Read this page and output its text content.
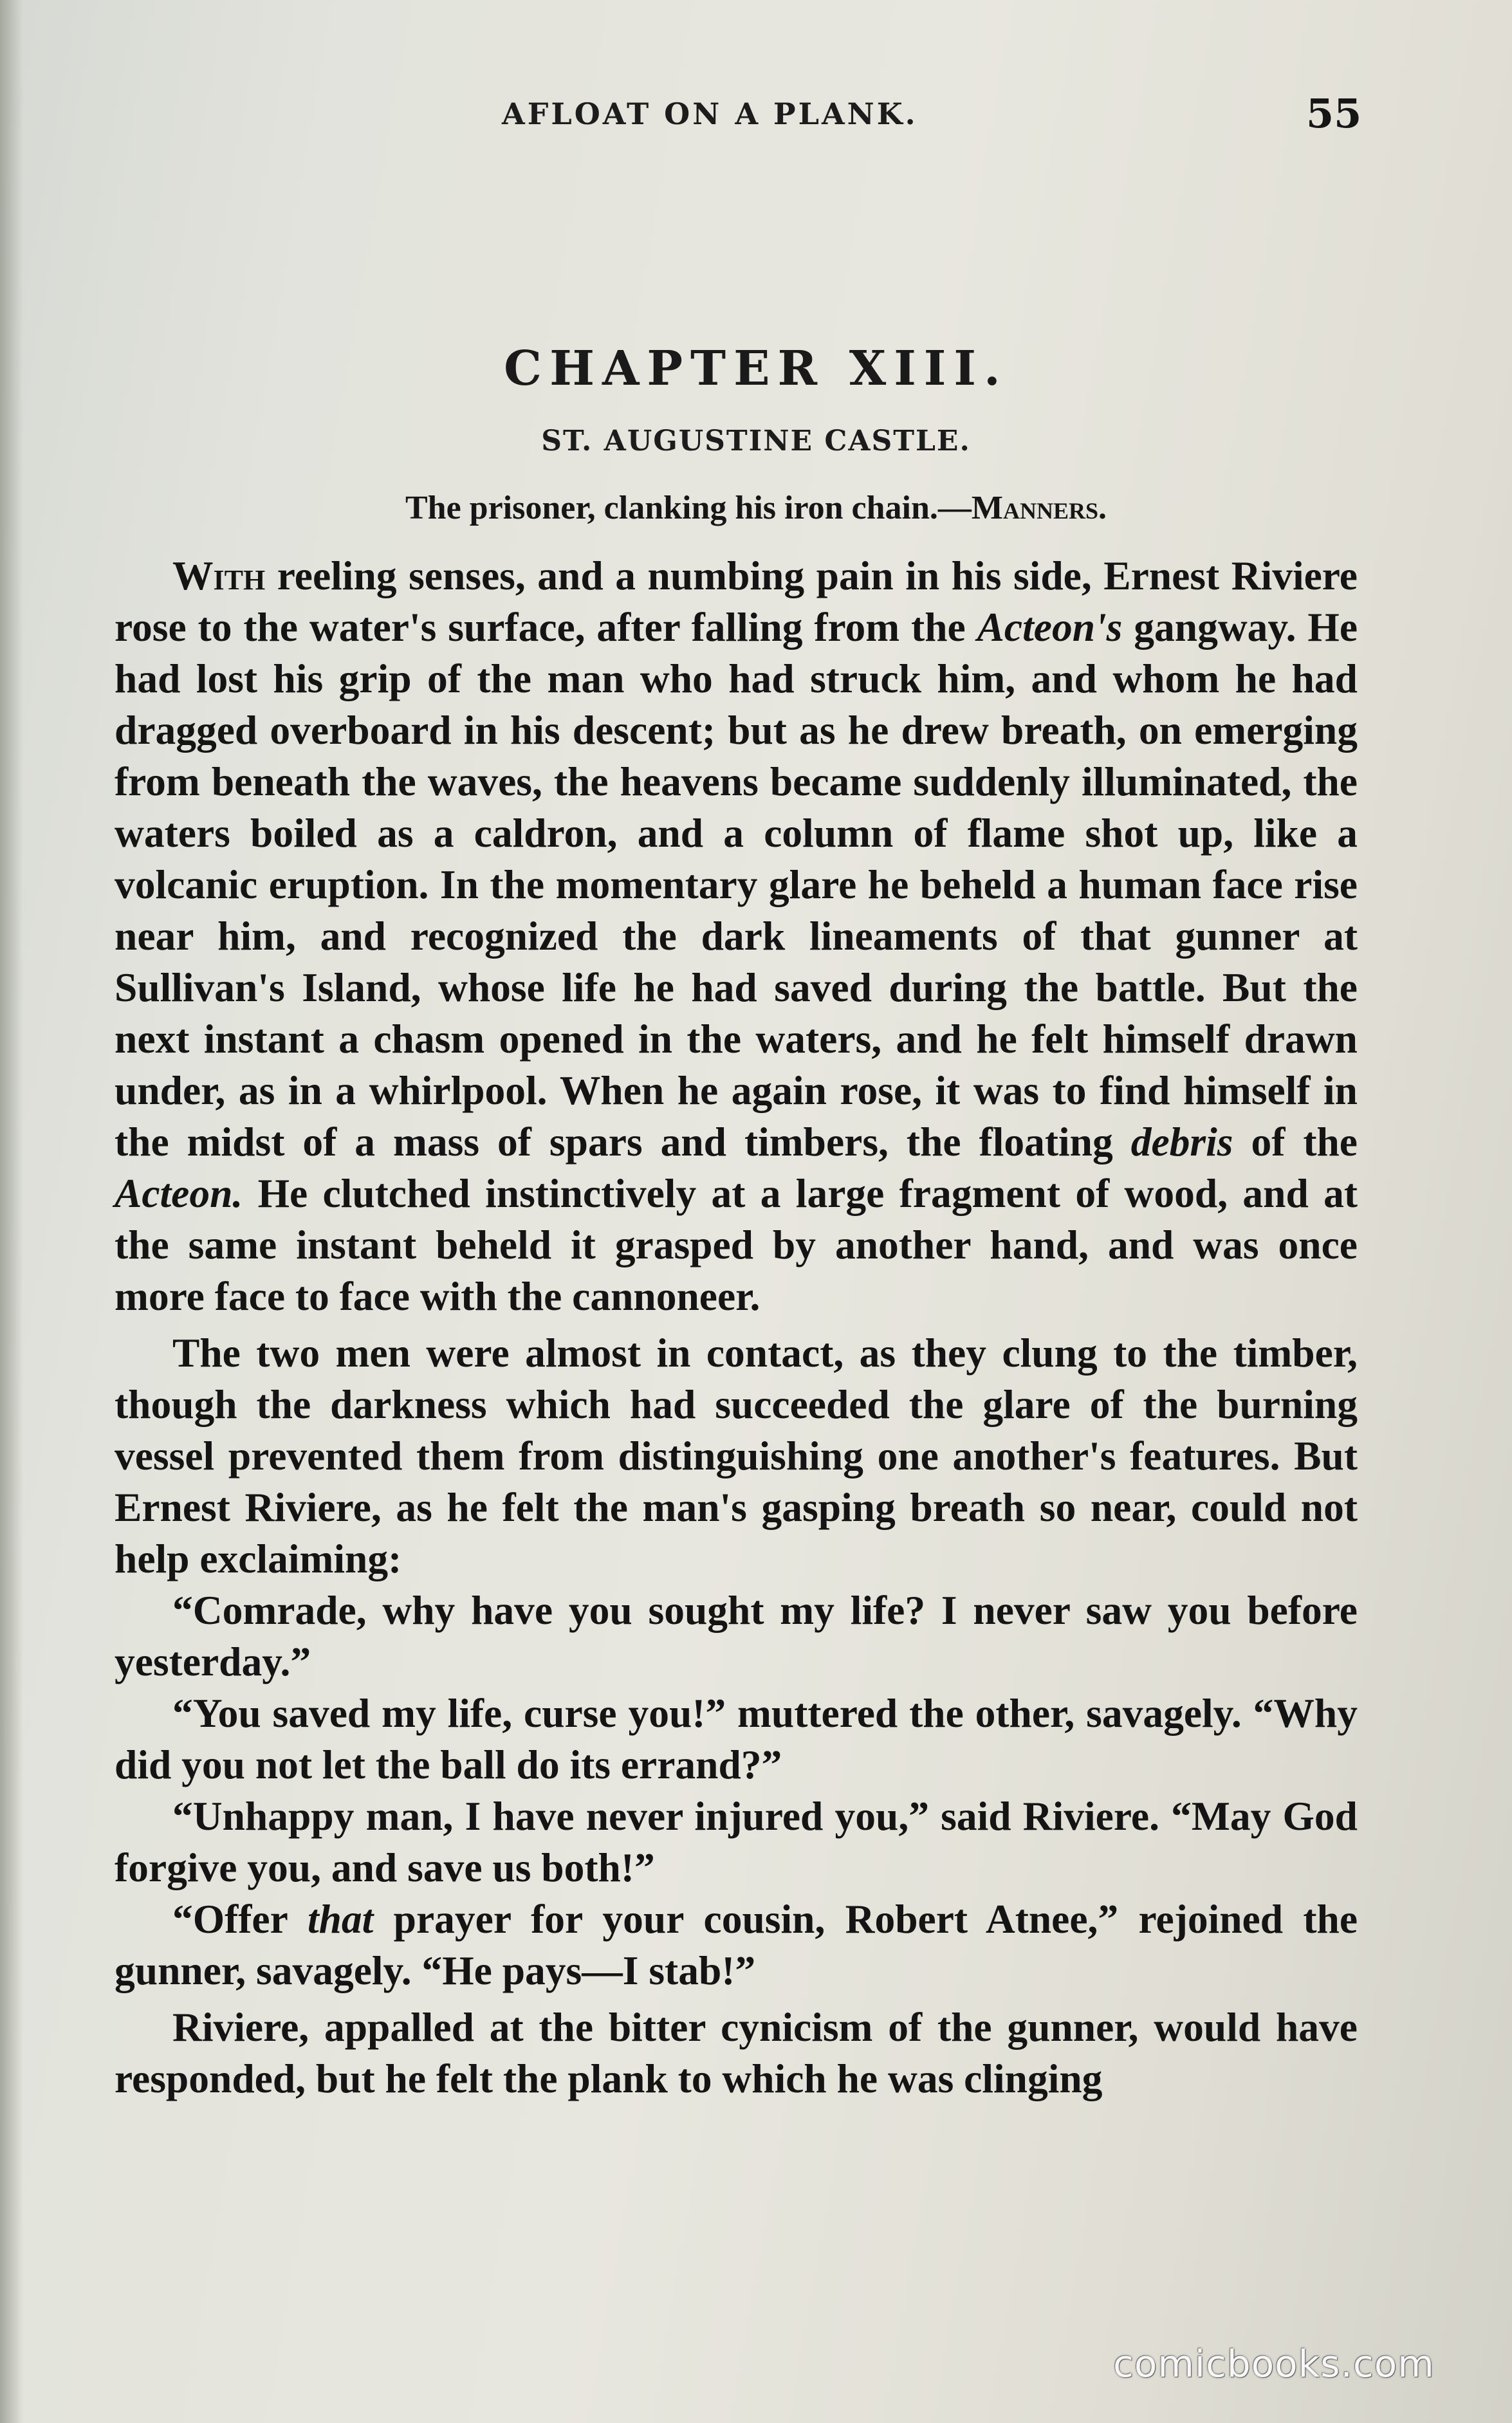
AFLOAT ON A PLANK.	55
CHAPTER XIII.
ST. AUGUSTINE CASTLE.
The prisoner, clanking his iron chain.—Manners.

With reeling senses, and a numbing pain in his side, Ernest Riviere rose to the water's surface, after falling from the Acteon's gangway. He had lost his grip of the man who had struck him, and whom he had dragged overboard in his descent; but as he drew breath, on emerging from beneath the waves, the heavens became suddenly illuminated, the waters boiled as a caldron, and a column of flame shot up, like a volcanic eruption. In the momentary glare he beheld a human face rise near him, and recognized the dark lineaments of that gunner at Sullivan's Island, whose life he had saved during the battle. But the next instant a chasm opened in the waters, and he felt himself drawn under, as in a whirlpool. When he again rose, it was to find himself in the midst of a mass of spars and timbers, the floating debris of the Acteon. He clutched instinctively at a large fragment of wood, and at the same instant beheld it grasped by another hand, and was once more face to face with the cannoneer.

The two men were almost in contact, as they clung to the timber, though the darkness which had succeeded the glare of the burning vessel prevented them from distinguishing one another's features. But Ernest Riviere, as he felt the man's gasping breath so near, could not help exclaiming:

“Comrade, why have you sought my life? I never saw you before yesterday.”

“You saved my life, curse you!” muttered the other, savagely. “Why did you not let the ball do its errand?”

“Unhappy man, I have never injured you,” said Riviere. “May God forgive you, and save us both!”

“Offer that prayer for your cousin, Robert Atnee,” rejoined the gunner, savagely. “He pays—I stab!”

Riviere, appalled at the bitter cynicism of the gunner, would have responded, but he felt the plank to which he was clinging

comicbooks.com
